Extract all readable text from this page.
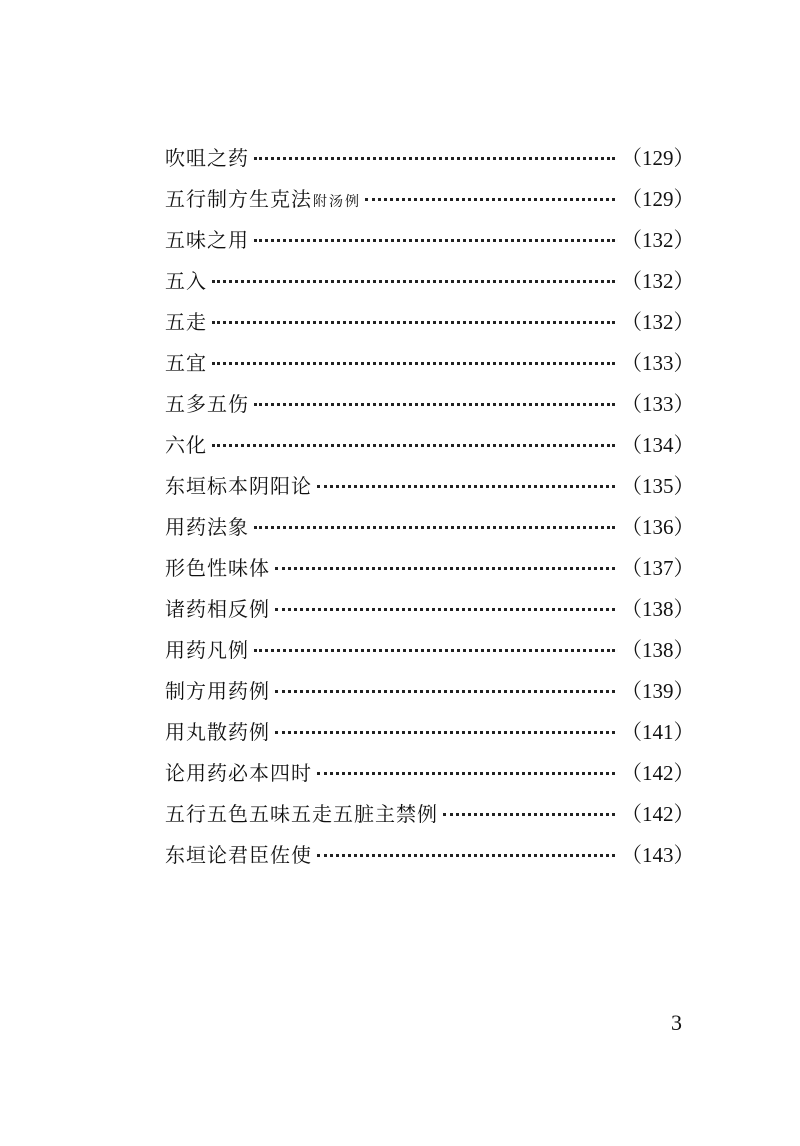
吹咀之药	（129）
五行制方生克法 附汤例	（129）
五味之用	（132）
五入	（132）
五走	（132）
五宜	（133）
五多五伤	（133）
六化	（134）
东垣标本阴阳论	（135）
用药法象	（136）
形色性味体	（137）
诸药相反例	（138）
用药凡例	（138）
制方用药例	（139）
用丸散药例	（141）
论用药必本四时	（142）
五行五色五味五走五脏主禁例	（142）
东垣论君臣佐使	（143）
3
